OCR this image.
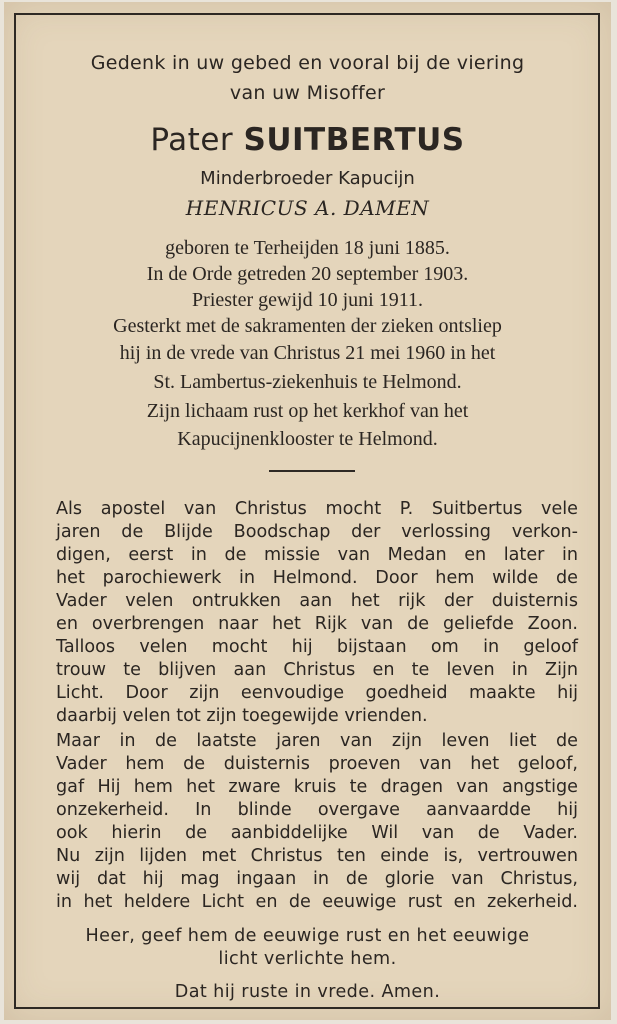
Gedenk in uw gebed en vooral bij de viering
van uw Misoffer
Pater SUITBERTUS
Minderbroeder Kapucijn
HENRICUS A. DAMEN
geboren te Terheijden 18 juni 1885.
In de Orde getreden 20 september 1903.
Priester gewijd 10 juni 1911.
Gesterkt met de sakramenten der zieken ontsliep
hij in de vrede van Christus 21 mei 1960 in het
St. Lambertus-ziekenhuis te Helmond.
Zijn lichaam rust op het kerkhof van het
Kapucijnenklooster te Helmond.
Als apostel van Christus mocht P. Suitbertus vele
jaren de Blijde Boodschap der verlossing verkon-
digen, eerst in de missie van Medan en later in
het parochiewerk in Helmond. Door hem wilde de
Vader velen ontrukken aan het rijk der duisternis
en overbrengen naar het Rijk van de geliefde Zoon.
Talloos velen mocht hij bijstaan om in geloof
trouw te blijven aan Christus en te leven in Zijn
Licht. Door zijn eenvoudige goedheid maakte hij
daarbij velen tot zijn toegewijde vrienden.
Maar in de laatste jaren van zijn leven liet de
Vader hem de duisternis proeven van het geloof,
gaf Hij hem het zware kruis te dragen van angstige
onzekerheid. In blinde overgave aanvaardde hij
ook hierin de aanbiddelijke Wil van de Vader.
Nu zijn lijden met Christus ten einde is, vertrouwen
wij dat hij mag ingaan in de glorie van Christus,
in het heldere Licht en de eeuwige rust en zekerheid.
Heer, geef hem de eeuwige rust en het eeuwige
licht verlichte hem.
Dat hij ruste in vrede. Amen.
